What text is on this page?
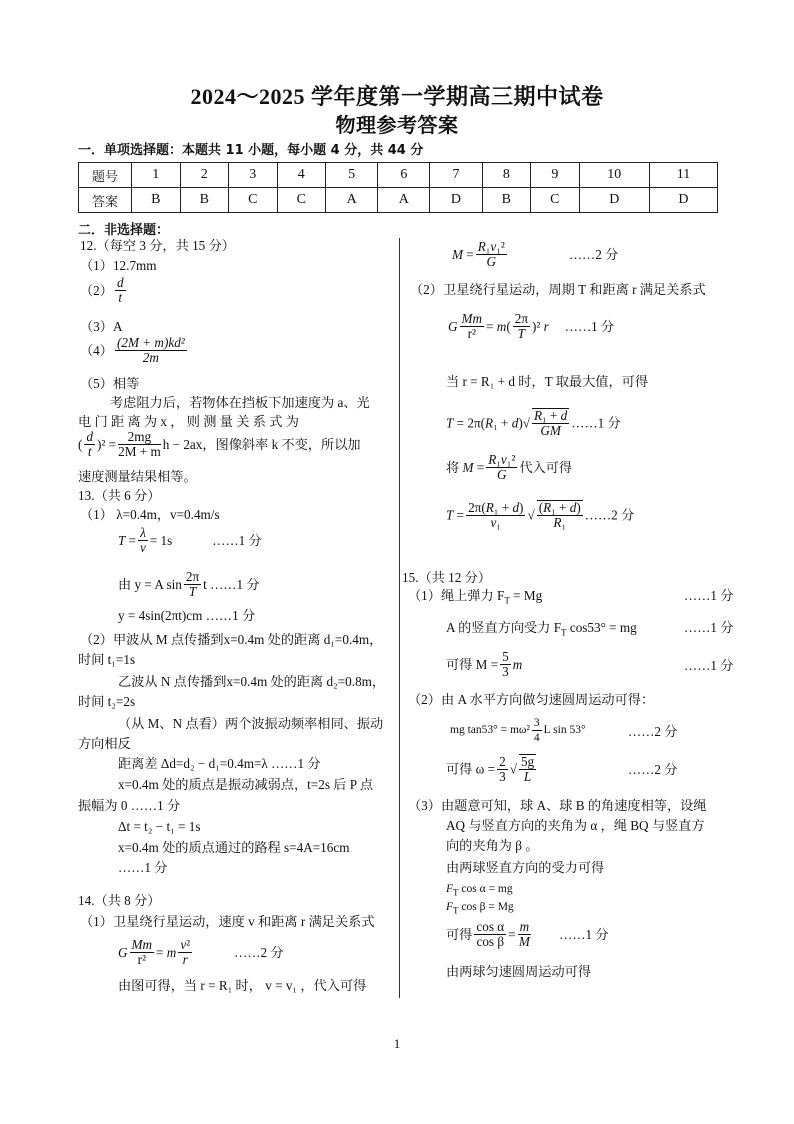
2024～2025 学年度第一学期高三期中试卷
物理参考答案
一．单项选择题：本题共 11 小题，每小题 4 分，共 44 分
题号	1	2	3	4	5	6	7	8	9	10	11
答案	B	B	C	C	A	A	D	B	C	D	D
二．非选择题：
12.（每空 3 分，共 15 分）
（1）12.7mm
$(2) \frac{d}{t}$
（3）A
$(4) \frac{\text{(2M + m)kd²}}{2m}$
（5）相等
考虑阻力后，若物体在挡板下加速度为 a、光
电 门 距 离 为 x ， 则 测 量 关 系 式 为
( $\frac{d}{t} )^2 = \frac{2mg}{2M + m}$ h − 2ax，图像斜率 k 不变，所以加
速度测量结果相等。
13.（共 6 分）
（1） λ=0.4m，v=0.4m/s
$T = \frac{\lambda}{v} = 1s$	……1 分
由 y = A $\sin \frac{2\pi}{T}$ t ……1 分
y = 4sin(2πt)cm ……1 分
（2）甲波从 M 点传播到x=0.4m 处的距离 d₁=0.4m，
时间 t₁=1s
乙波从 N 点传播到x=0.4m 处的距离 d₂=0.8m，
时间 t₂=2s
（从 M、N 点看）两个波振动频率相同、振动
方向相反
距离差 Δd=d₂ − d₁=0.4m=λ ……1 分
x=0.4m 处的质点是振动减弱点，t=2s 后 P 点
振幅为 0 ……1 分
Δt = t₂ − t₁ = 1s
x=0.4m 处的质点通过的路程 s=4A=16cm
……1 分
14.（共 8 分）
（1）卫星绕行星运动，速度 v 和距离 r 满足关系式
G $\frac{Mm}{\text{r²}} = m \frac{\text{v²}}{r}$	……2 分
由图可得，当 r = R₁ 时， v = v₁ ，代入可得
$M = \frac{\text{R₁v₁²}}{G}$	……2 分
（2）卫星绕行星运动，周期 T 和距离 r 满足关系式
G $\frac{Mm}{\text{r²}} = m( \frac{2\pi}{T} )^2$ r ……1 分
当 r = R₁ + d 时，T 取最大值，可得
$T = 2\pi(R_1 + d)√ \frac{\text{R₁ + d}}{GM}$ ……1 分
将 $M = \frac{\text{R₁v₁²}}{G}$ 代入可得
$T = \frac{\text{2π(R₁ + d)}}{\text{v₁}}$ √ $\frac{\text{(R₁ + d)}}{\text{R₁}}$ ……2 分
15.（共 12 分）
（1）绳上弹力 $F_T = Mg$	……1 分
A 的竖直方向受力 $F_T$ cos53° = mg	……1 分
可得 $M = \frac{5}{3}$ m	……1 分
（2）由 A 水平方向做匀速圆周运动可得：
mg $\tan 53^\circ = m\omega^2 \frac{3}{4}$ L sin 53°	……2 分
可得 $\omega = \frac{2}{3}$ √ $\frac{5g}{L}$	……2 分
（3）由题意可知，球 A、球 B 的角速度相等，设绳
AQ 与竖直方向的夹角为 α ，绳 BQ 与竖直方
向的夹角为 β 。
由两球竖直方向的受力可得
$F_T$ cos α = mg
$F_T$ cos β = Mg
可得 $\frac{\text{cos α}}{\text{cos β}} = \frac{m}{M}$ ……1 分
由两球匀速圆周运动可得
1
